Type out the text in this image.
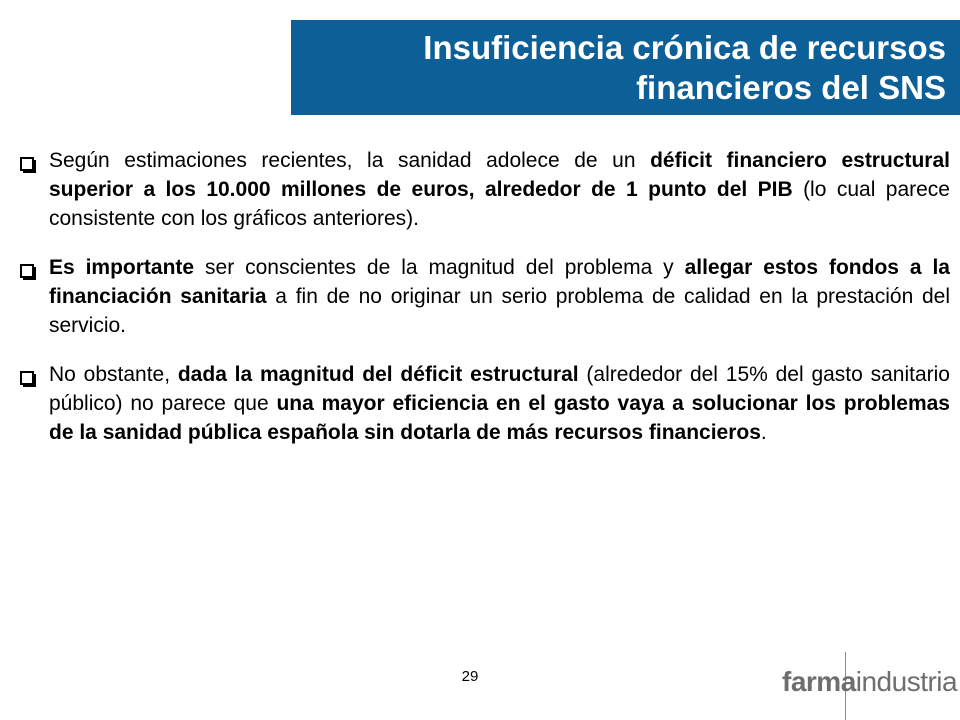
Insuficiencia crónica de recursos
financieros del SNS
Según estimaciones recientes, la sanidad adolece de un déficit financiero estructural superior a los 10.000 millones de euros, alrededor de 1 punto del PIB (lo cual parece consistente con los gráficos anteriores).
Es importante ser conscientes de la magnitud del problema y allegar estos fondos a la financiación sanitaria a fin de no originar un serio problema de calidad en la prestación del servicio.
No obstante, dada la magnitud del déficit estructural (alrededor del 15% del gasto sanitario público) no parece que una mayor eficiencia en el gasto vaya a solucionar los problemas de la sanidad pública española sin dotarla de más recursos financieros.
29	farmaindustria
